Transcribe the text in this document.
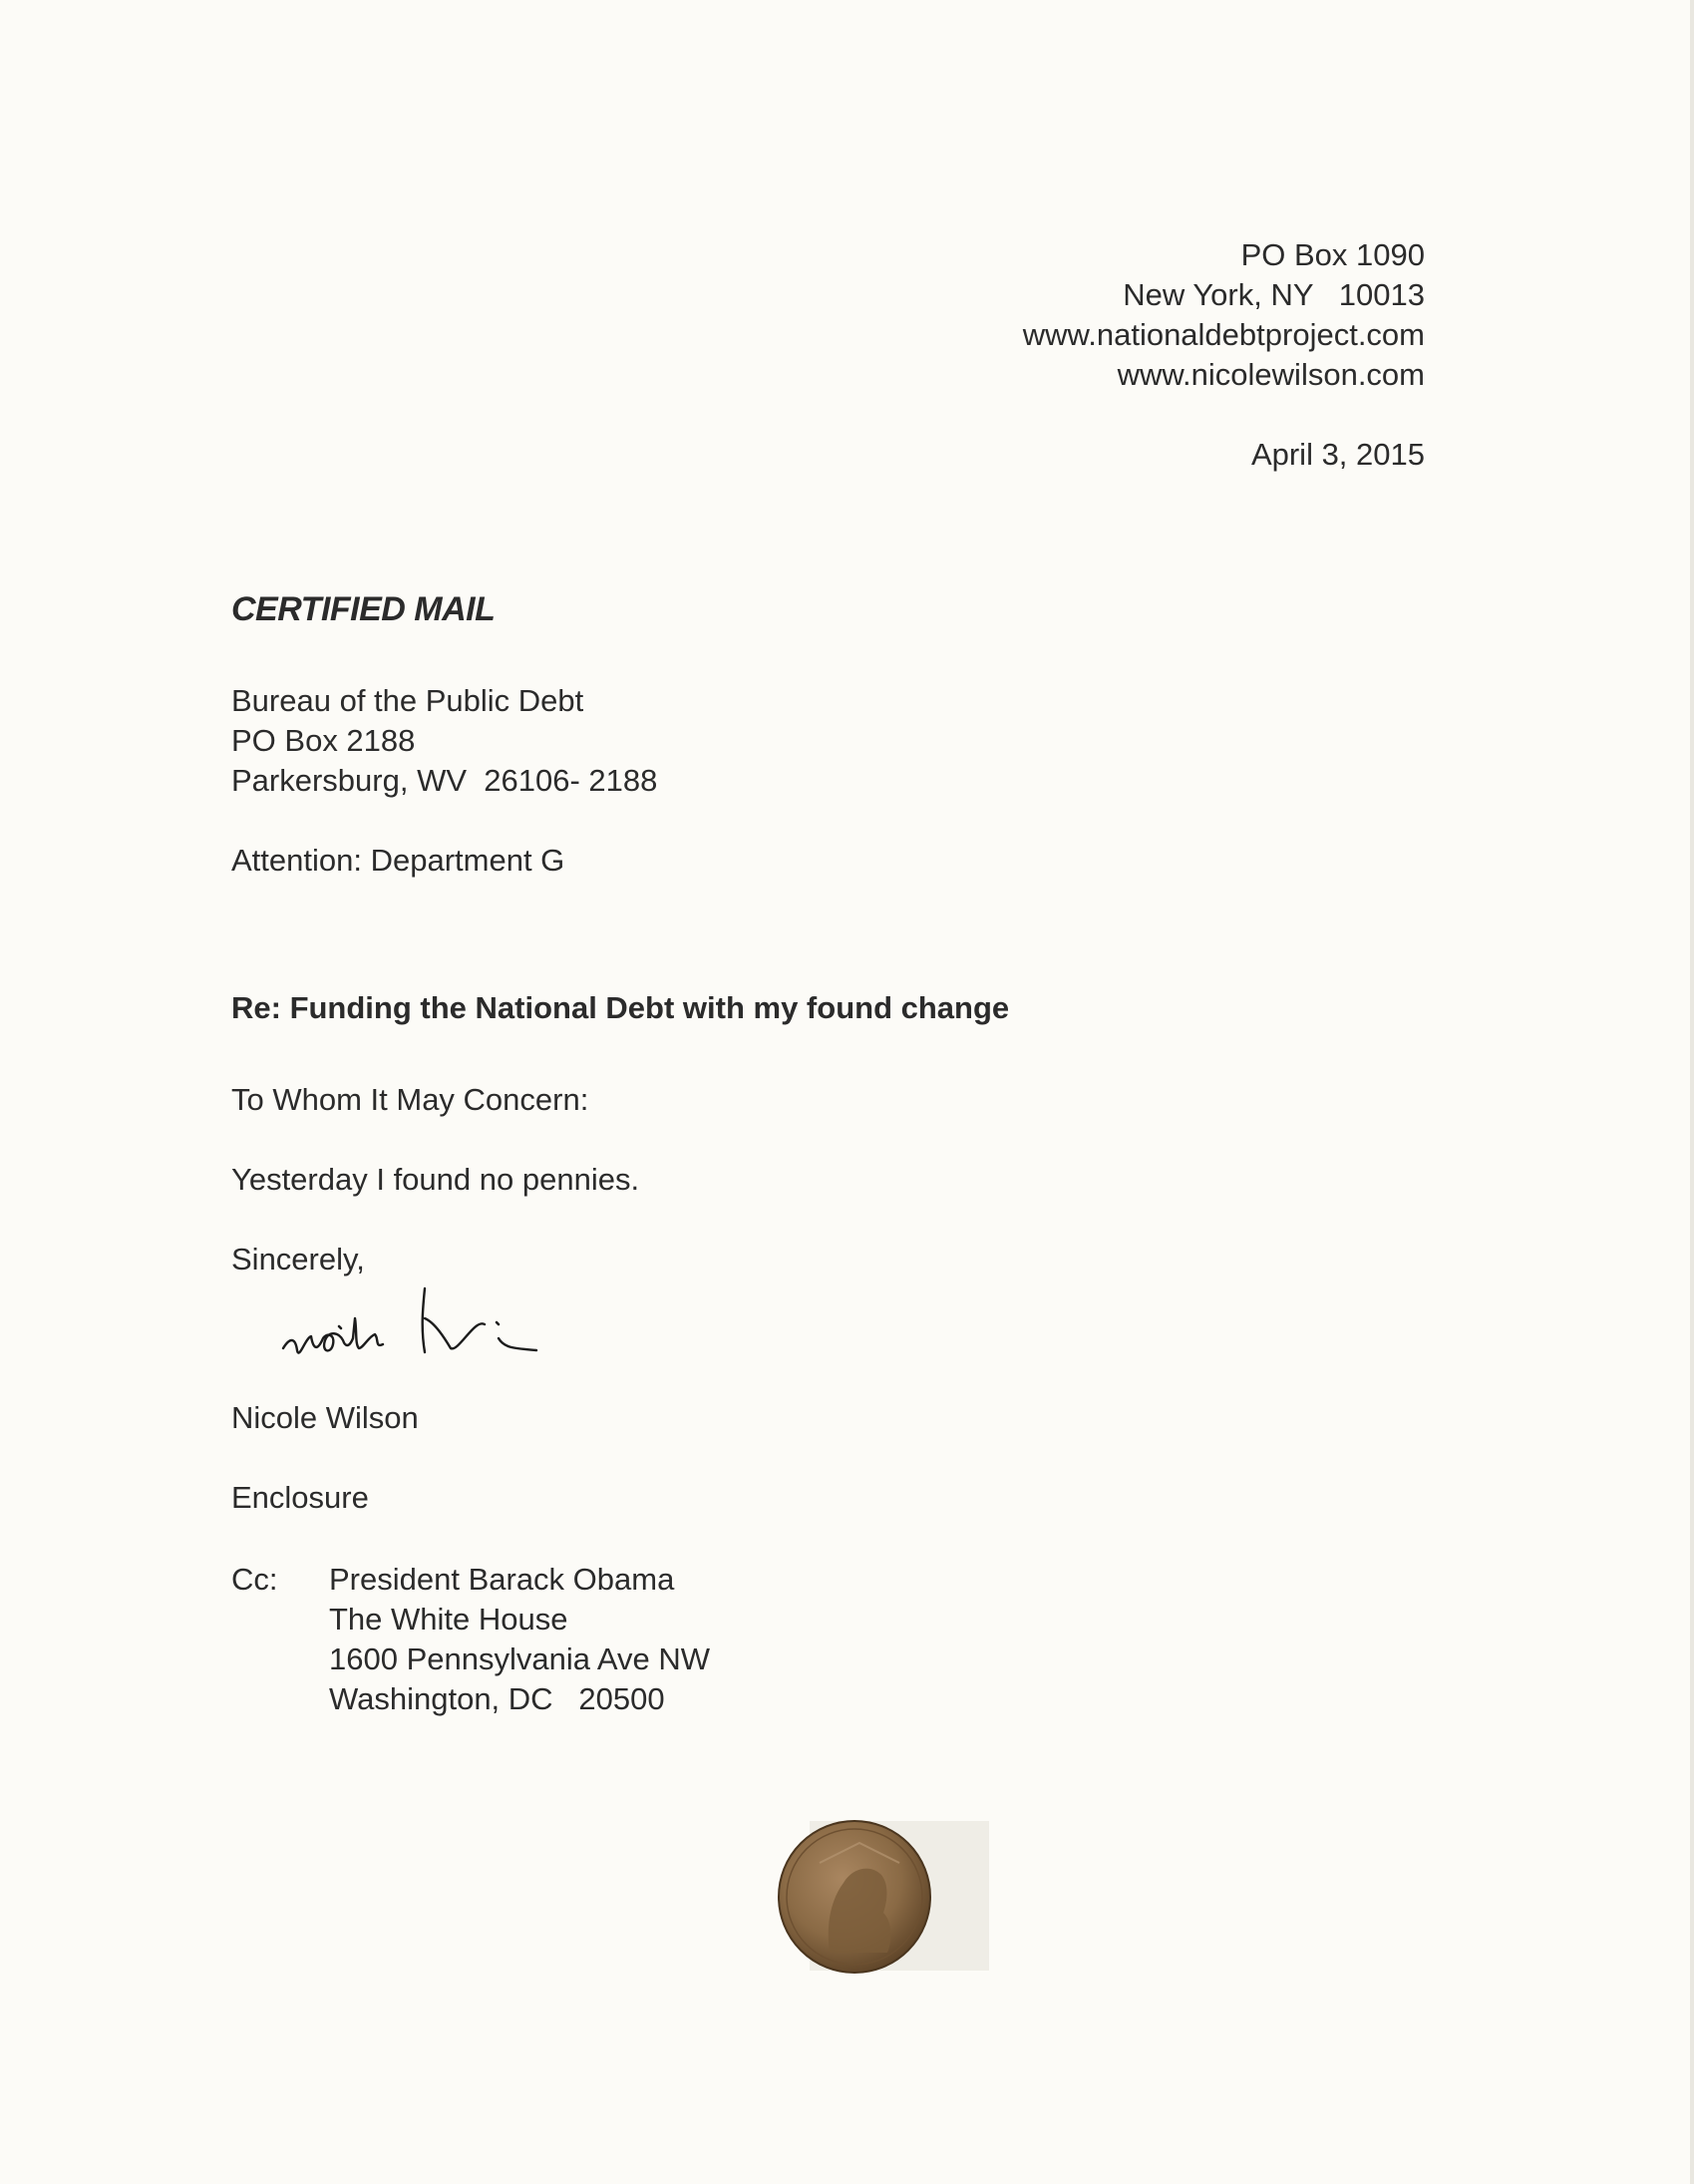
PO Box 1090

New York, NY   10013

www.nationaldebtproject.com

www.nicolewilson.com

April 3, 2015

CERTIFIED MAIL

Bureau of the Public Debt

PO Box 2188

Parkersburg, WV  26106- 2188

Attention: Department G

Re: Funding the National Debt with my found change

To Whom It May Concern:

Yesterday I found no pennies.

Sincerely,

Nicole Wilson

Enclosure

Cc: President Barack Obama
The White House
1600 Pennsylvania Ave NW
Washington, DC   20500
